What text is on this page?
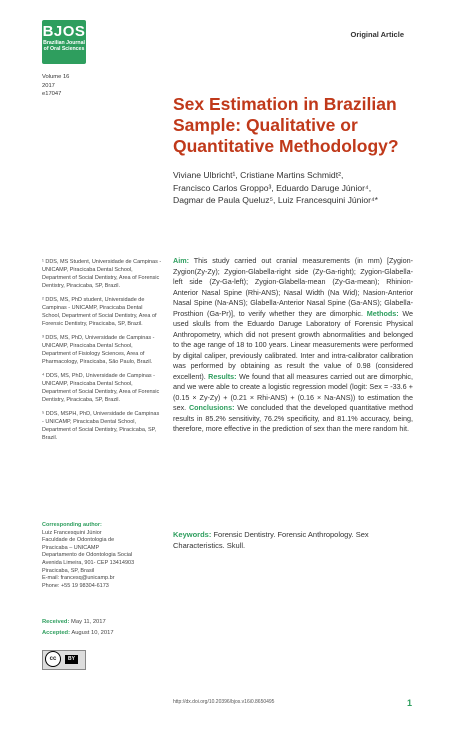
BJOS
Brazilian Journal
of Oral Sciences
Original Article
Volume 16
2017
e17047	Sex Estimation in Brazilian Sample: Qualitative or Quantitative Methodology?
Viviane Ulbricht¹, Cristiane Martins Schmidt²,
Francisco Carlos Groppo³, Eduardo Daruge Júnior⁴,
Dagmar de Paula Queluz⁵, Luiz Francesquini Júnior⁴*

¹ DDS, MS Student, Universidade de Campinas - UNICAMP, Piracicaba Dental School, Department of Social Dentistry, Area of Forensic Dentistry, Piracicaba, SP, Brazil.

² DDS, MS, PhD student, Universidade de Campinas - UNICAMP, Piracicaba Dental School, Department of Social Dentistry, Area of Forensic Dentistry, Piracicaba, SP, Brazil.

³ DDS, MS, PhD, Universidade de Campinas - UNICAMP, Piracicaba Dental School, Department of Fisiology Sciences, Area of Pharmacology, Piracicaba, São Paulo, Brazil.

⁴ DDS, MS, PhD, Universidade de Campinas - UNICAMP, Piracicaba Dental School, Department of Social Dentistry, Area of Forensic Dentistry, Piracicaba, SP, Brazil.

⁵ DDS, MSPH, PhD, Universidade de Campinas - UNICAMP, Piracicaba Dental School, Department of Social Dentistry, Piracicaba, SP, Brazil.

Corresponding author:
Luiz Francesquini Júnior
Faculdade de Odontologia de
Piracicaba – UNICAMP
Departamento de Odontologia Social
Avenida Limeira, 901- CEP 13414903
Piracicaba, SP, Brasil
E-mail: francesq@unicamp.br
Phone: +55 19 98304-6173
Received: May 11, 2017
Accepted: August 10, 2017
cc BY
Aim: This study carried out cranial measurements (in mm) [Zygion-Zygion(Zy-Zy); Zygion-Glabella-right side (Zy-Ga-right); Zygion-Glabella-left side (Zy-Ga-left); Zygion-Glabella-mean (Zy-Ga-mean); Rhinion-Anterior Nasal Spine (Rhi-ANS); Nasal Width (Na Wid); Nasion-Anterior Nasal Spine (Na-ANS); Glabella-Anterior Nasal Spine (Ga-ANS); Glabella-Prosthion (Ga-Pr)], to verify whether they are dimorphic. Methods: We used skulls from the Eduardo Daruge Laboratory of Forensic Physical Anthropometry, which did not present growth abnormalities and belonged to the age range of 18 to 100 years. Linear measurements were performed by digital caliper, previously calibrated. Inter and intra-calibrator calibration was performed by obtaining as result the value of 0.98 (considered excellent). Results: We found that all measures carried out are dimorphic, and we were able to create a logistic regression model (logit: Sex = -33.6 + (0.15 × Zy-Zy) + (0.21 × Rhi-ANS) + (0.16 × Na-ANS)) to estimation the sex. Conclusions: We concluded that the developed quantitative method results in 85.2% sensitivity, 76.2% specificity, and 81.1% accuracy, being, therefore, more effective in the prediction of sex than the mere random hit.
Keywords: Forensic Dentistry. Forensic Anthropology. Sex Characteristics. Skull.
http://dx.doi.org/10.20396/bjos.v16i0.8650495	1
